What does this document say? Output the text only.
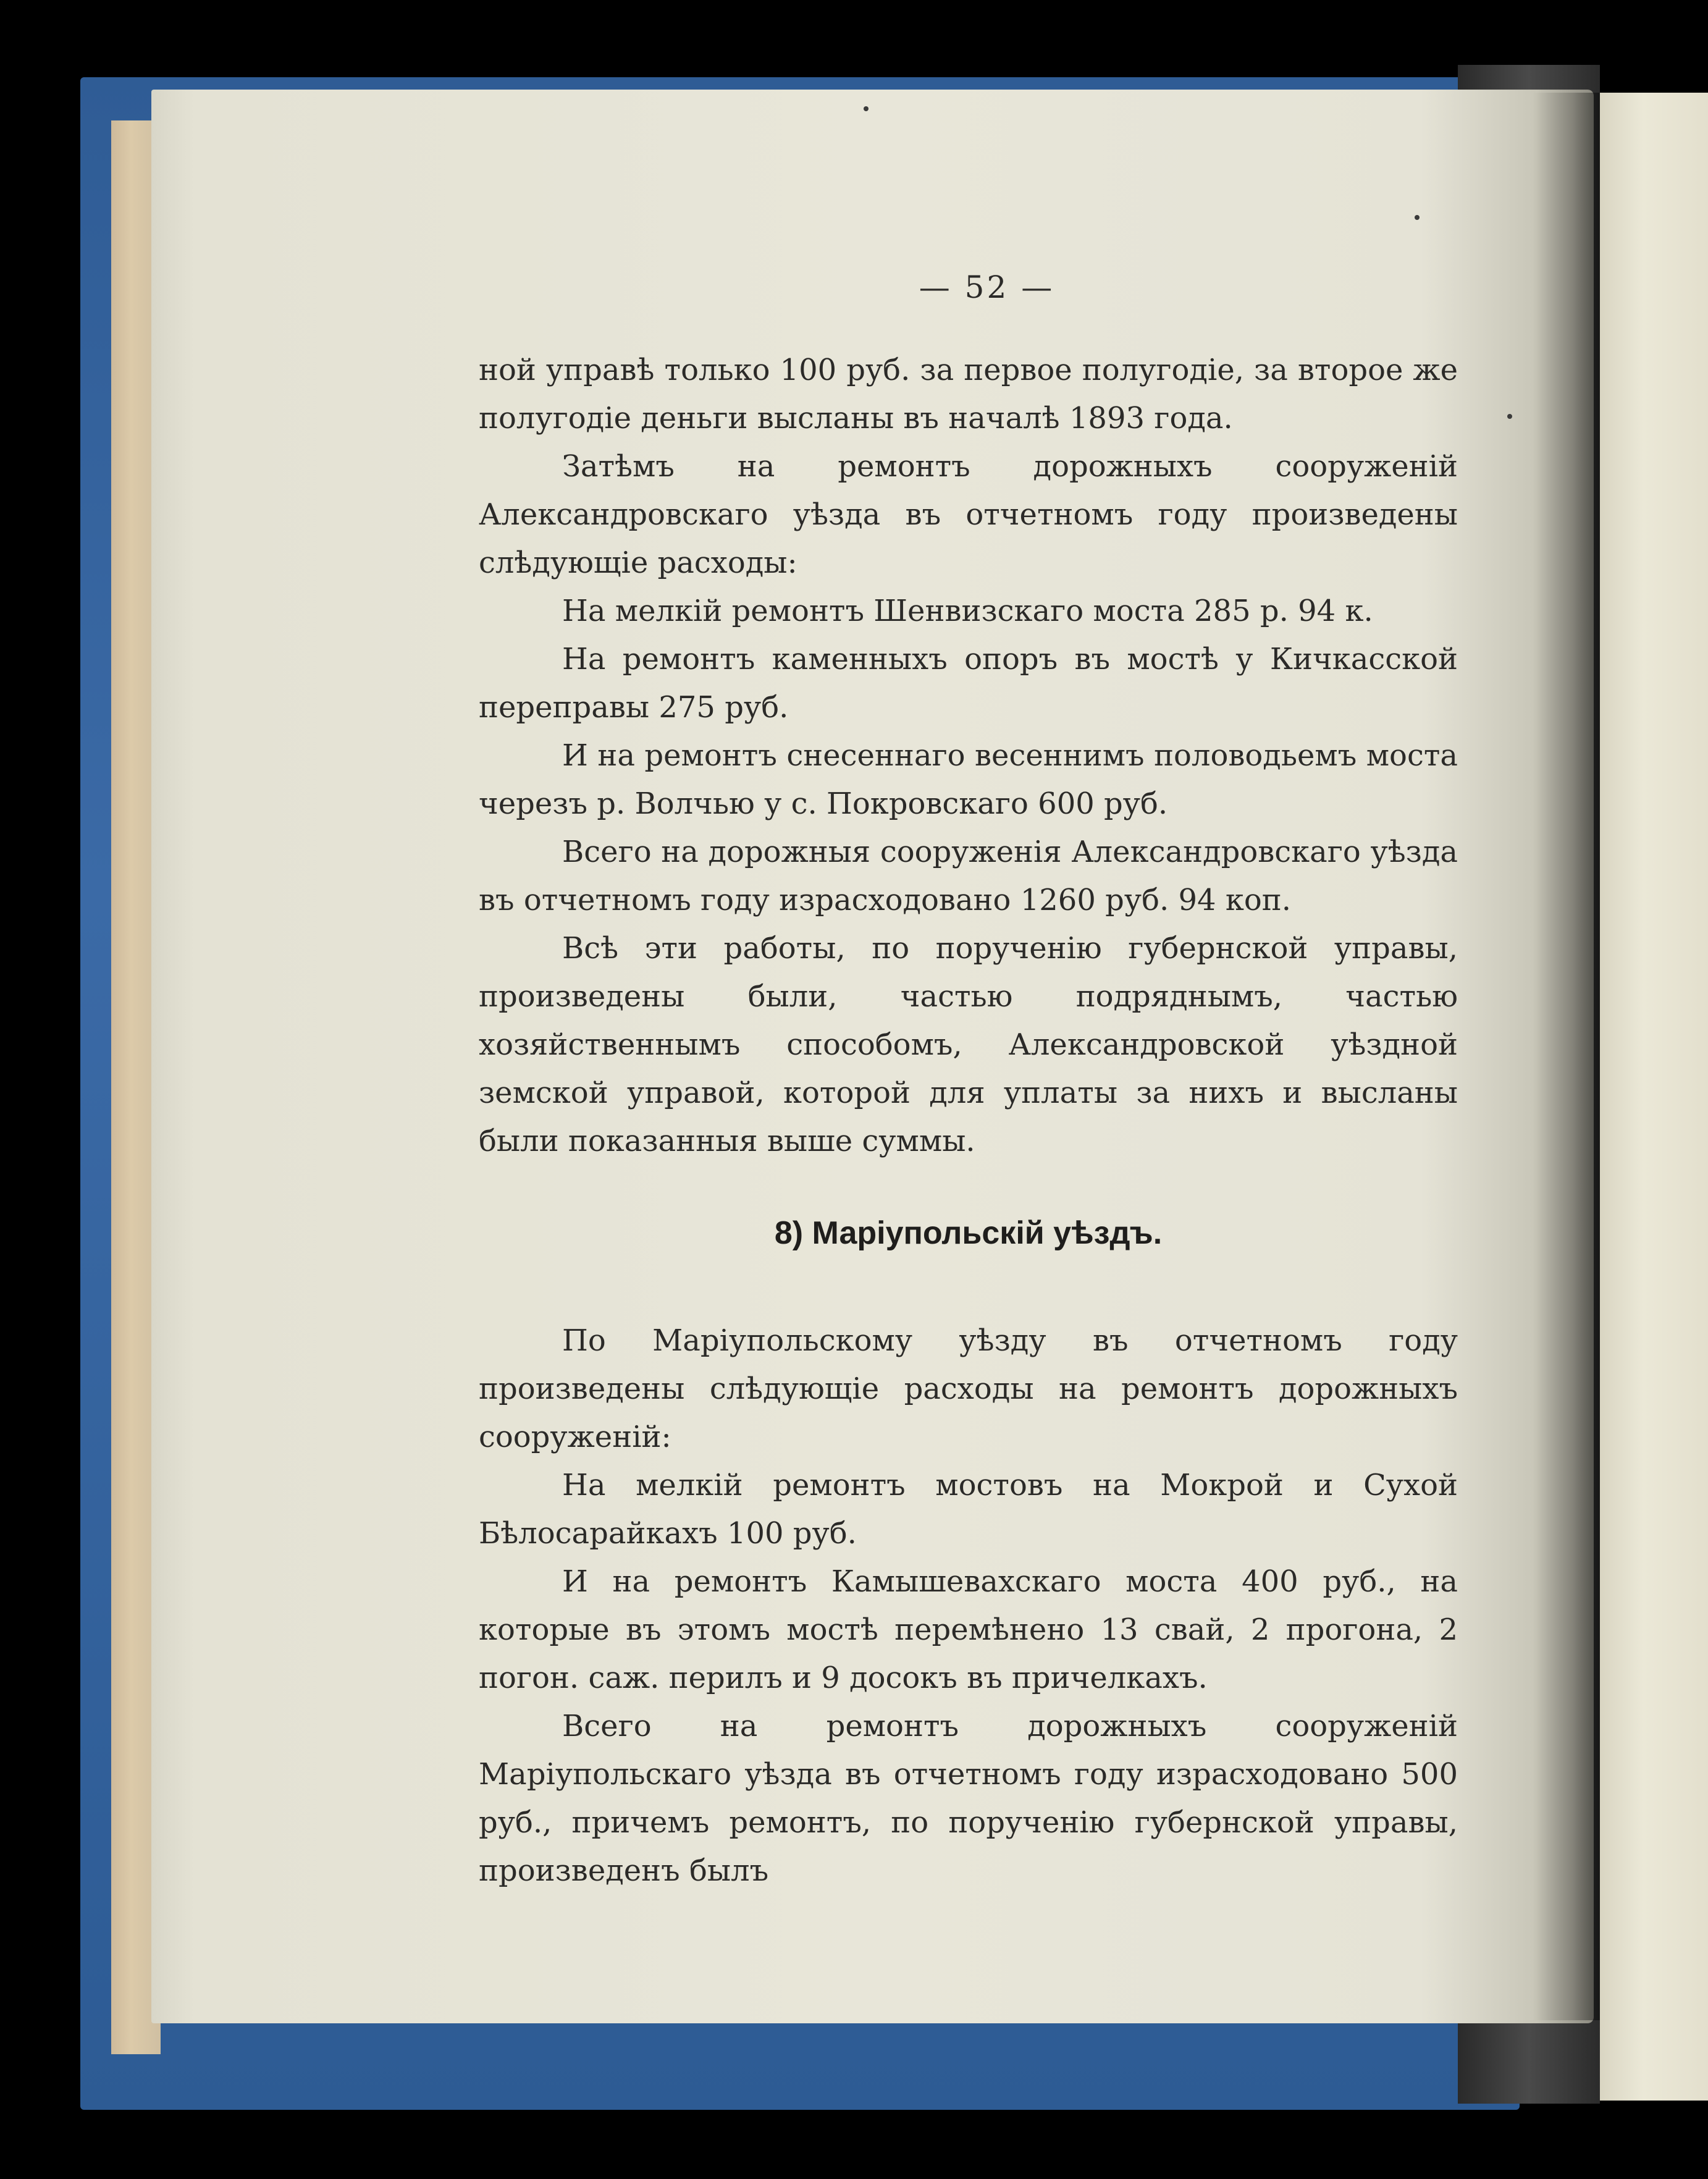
— 52 —

ной управѣ только 100 руб. за первое полугодіе, за второе же полугодіе деньги высланы въ началѣ 1893 года.

Затѣмъ на ремонтъ дорожныхъ сооруженій Александровскаго уѣзда въ отчетномъ году произведены слѣдующіе расходы:

На мелкій ремонтъ Шенвизскаго моста 285 р. 94 к.

На ремонтъ каменныхъ опоръ въ мостѣ у Кичкасской переправы 275 руб.

И на ремонтъ снесеннаго весеннимъ половодьемъ моста черезъ р. Волчью у с. Покровскаго 600 руб.

Всего на дорожныя сооруженія Александровскаго уѣзда въ отчетномъ году израсходовано 1260 руб. 94 коп.

Всѣ эти работы, по порученію губернской управы, произведены были, частью подряднымъ, частью хозяйственнымъ способомъ, Александровской уѣздной земской управой, которой для уплаты за нихъ и высланы были показанныя выше суммы.

8) Маріупольскій уѣздъ.

По Маріупольскому уѣзду въ отчетномъ году произведены слѣдующіе расходы на ремонтъ дорожныхъ сооруженій:

На мелкій ремонтъ мостовъ на Мокрой и Сухой Бѣлосарайкахъ 100 руб.

И на ремонтъ Камышевахскаго моста 400 руб., на которые въ этомъ мостѣ перемѣнено 13 свай, 2 прогона, 2 погон. саж. перилъ и 9 досокъ въ причелкахъ.

Всего на ремонтъ дорожныхъ сооруженій Маріупольскаго уѣзда въ отчетномъ году израсходовано 500 руб., причемъ ремонтъ, по порученію губернской управы, произведенъ былъ
